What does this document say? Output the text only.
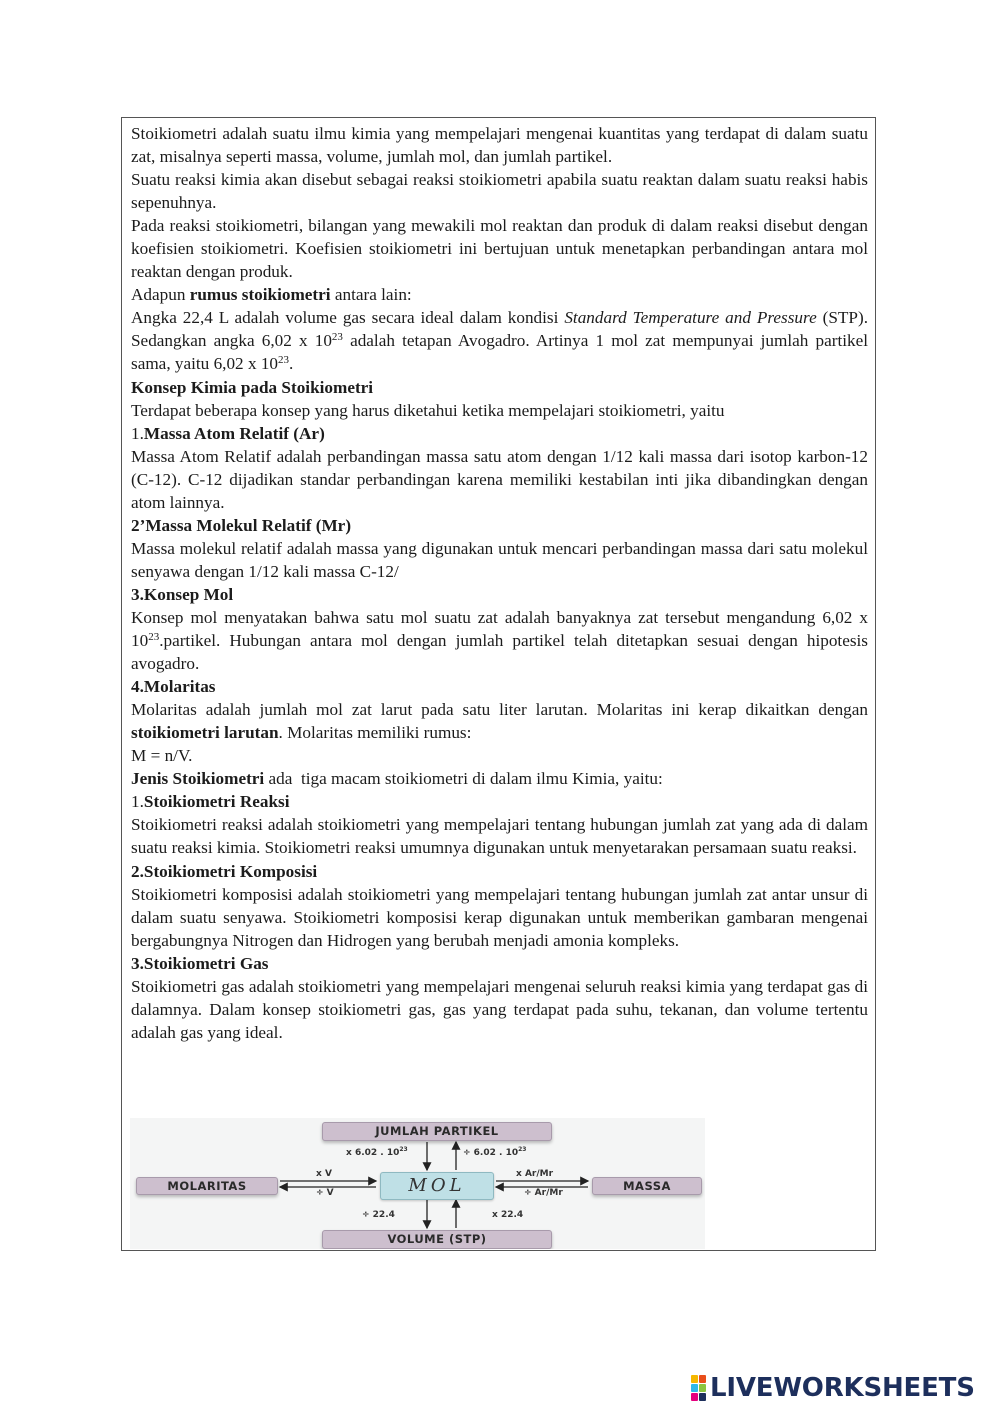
Stoikiometri adalah suatu ilmu kimia yang mempelajari mengenai kuantitas yang terdapat di dalam suatu zat, misalnya seperti massa, volume, jumlah mol, dan jumlah partikel.

Suatu reaksi kimia akan disebut sebagai reaksi stoikiometri apabila suatu reaktan dalam suatu reaksi habis sepenuhnya.

Pada reaksi stoikiometri, bilangan yang mewakili mol reaktan dan produk di dalam reaksi disebut dengan koefisien stoikiometri. Koefisien stoikiometri ini bertujuan untuk menetapkan perbandingan antara mol reaktan dengan produk.

Adapun rumus stoikiometri antara lain:

Angka 22,4 L adalah volume gas secara ideal dalam kondisi Standard Temperature and Pressure (STP). Sedangkan angka 6,02 x $10^{23}$ adalah tetapan Avogadro. Artinya 1 mol zat mempunyai jumlah partikel sama, yaitu 6,02 x $10^{23}$.

Konsep Kimia pada Stoikiometri

Terdapat beberapa konsep yang harus diketahui ketika mempelajari stoikiometri, yaitu

1.Massa Atom Relatif (Ar)

Massa Atom Relatif adalah perbandingan massa satu atom dengan 1/12 kali massa dari isotop karbon-12 (C-12). C-12 dijadikan standar perbandingan karena memiliki kestabilan inti jika dibandingkan dengan atom lainnya.

2’Massa Molekul Relatif (Mr)

Massa molekul relatif adalah massa yang digunakan untuk mencari perbandingan massa dari satu molekul senyawa dengan 1/12 kali massa C-12/

3.Konsep Mol

Konsep mol menyatakan bahwa satu mol suatu zat adalah banyaknya zat tersebut mengandung 6,02 x $10^{23}.partikel$. Hubungan antara mol dengan jumlah partikel telah ditetapkan sesuai dengan hipotesis avogadro.

4.Molaritas

Molaritas adalah jumlah mol zat larut pada satu liter larutan. Molaritas ini kerap dikaitkan dengan stoikiometri larutan. Molaritas memiliki rumus:

M = n/V.

Jenis Stoikiometri ada  tiga macam stoikiometri di dalam ilmu Kimia, yaitu:

1.Stoikiometri Reaksi

Stoikiometri reaksi adalah stoikiometri yang mempelajari tentang hubungan jumlah zat yang ada di dalam suatu reaksi kimia. Stoikiometri reaksi umumnya digunakan untuk menyetarakan persamaan suatu reaksi.

2.Stoikiometri Komposisi

Stoikiometri komposisi adalah stoikiometri yang mempelajari tentang hubungan jumlah zat antar unsur di dalam suatu senyawa. Stoikiometri komposisi kerap digunakan untuk memberikan gambaran mengenai bergabungnya Nitrogen dan Hidrogen yang berubah menjadi amonia kompleks.

3.Stoikiometri Gas

Stoikiometri gas adalah stoikiometri yang mempelajari mengenai seluruh reaksi kimia yang terdapat gas di dalamnya. Dalam konsep stoikiometri gas, gas yang terdapat pada suhu, tekanan, dan volume tertentu adalah gas yang ideal.

JUMLAH PARTIKEL
VOLUME (STP)
MOLARITAS	MASSA
MOL
x 6.02 . $10^{23}$	÷ 6.02 . $10^{23}$
x V
÷ V
x Ar/Mr
÷ Ar/Mr
÷ 22.4	x 22.4
LIVEWORKSHEETS
